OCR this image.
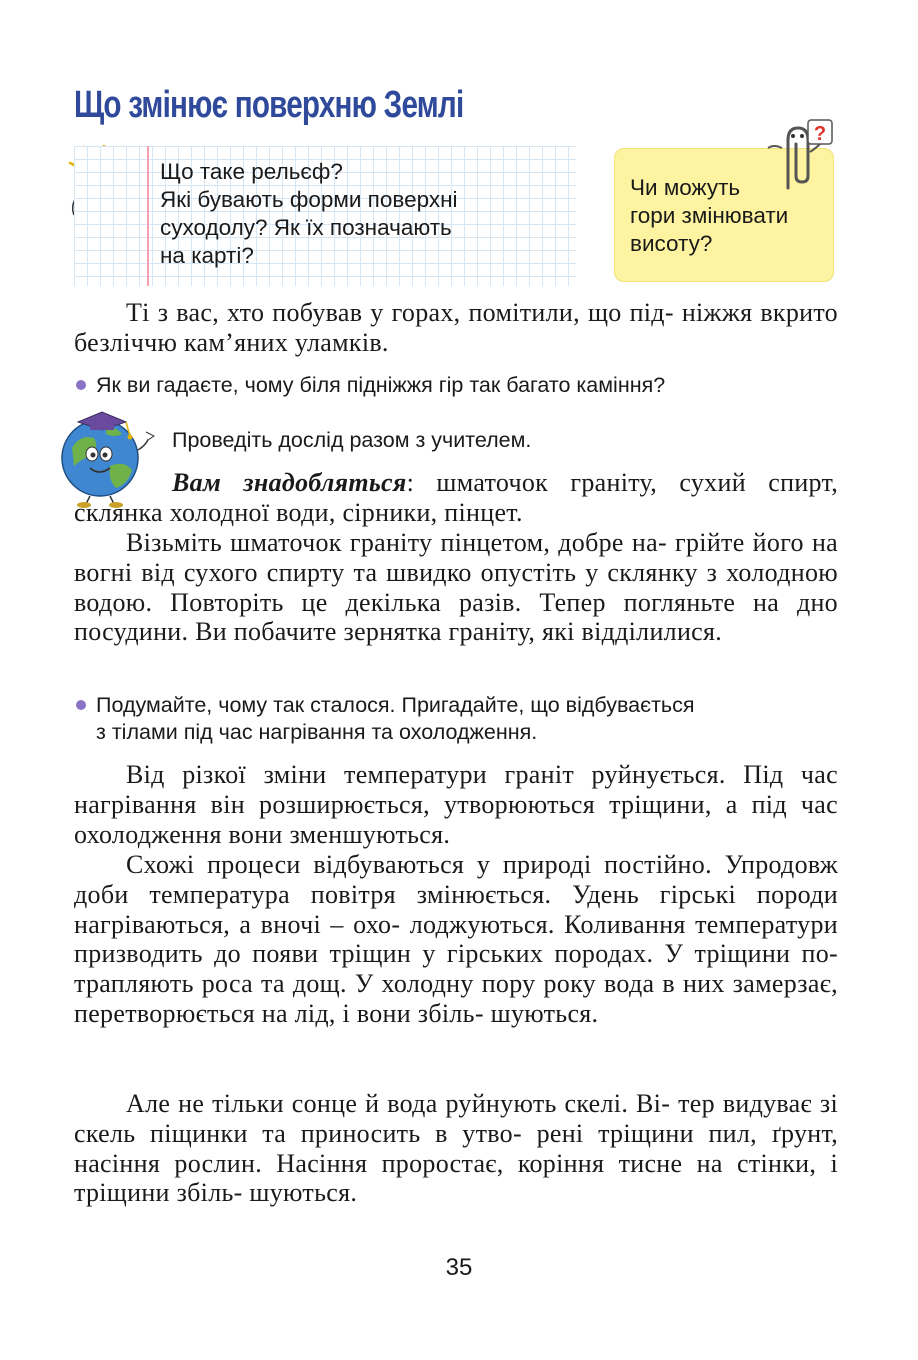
Що змінює поверхню Землі
Що таке рельєф?
Які бувають форми поверхні
суходолу? Як їх позначають
на карті?
Чи можуть
гори змінювати
висоту?
?
Ті з вас, хто побував у горах, помітили, що під- ніжжя вкрито безліччю кам’яних уламків.
Як ви гадаєте, чому біля підніжжя гір так багато каміння?
Проведіть дослід разом з учителем.
Вам знадобляться: шматочок граніту, сухий спирт, склянка холодної води, сірники, пінцет.
Візьміть шматочок граніту пінцетом, добре на- грійте його на вогні від сухого спирту та швидко опустіть у склянку з холодною водою. Повторіть це декілька разів. Тепер погляньте на дно посудини. Ви побачите зернятка граніту, які відділилися.
Подумайте, чому так сталося. Пригадайте, що відбувається
з тілами під час нагрівання та охолодження.
Від різкої зміни температури граніт руйнується. Під час нагрівання він розширюється, утворюються тріщини, а під час охолодження вони зменшуються.
Схожі процеси відбуваються у природі постійно. Упродовж доби температура повітря змінюється. Удень гірські породи нагріваються, а вночі – охо- лоджуються. Коливання температури призводить до появи тріщин у гірських породах. У тріщини по- трапляють роса та дощ. У холодну пору року вода в них замерзає, перетворюється на лід, і вони збіль- шуються.
Але не тільки сонце й вода руйнують скелі. Ві- тер видуває зі скель піщинки та приносить в утво- рені тріщини пил, ґрунт, насіння рослин. Насіння проростає, коріння тисне на стінки, і тріщини збіль- шуються.
35
